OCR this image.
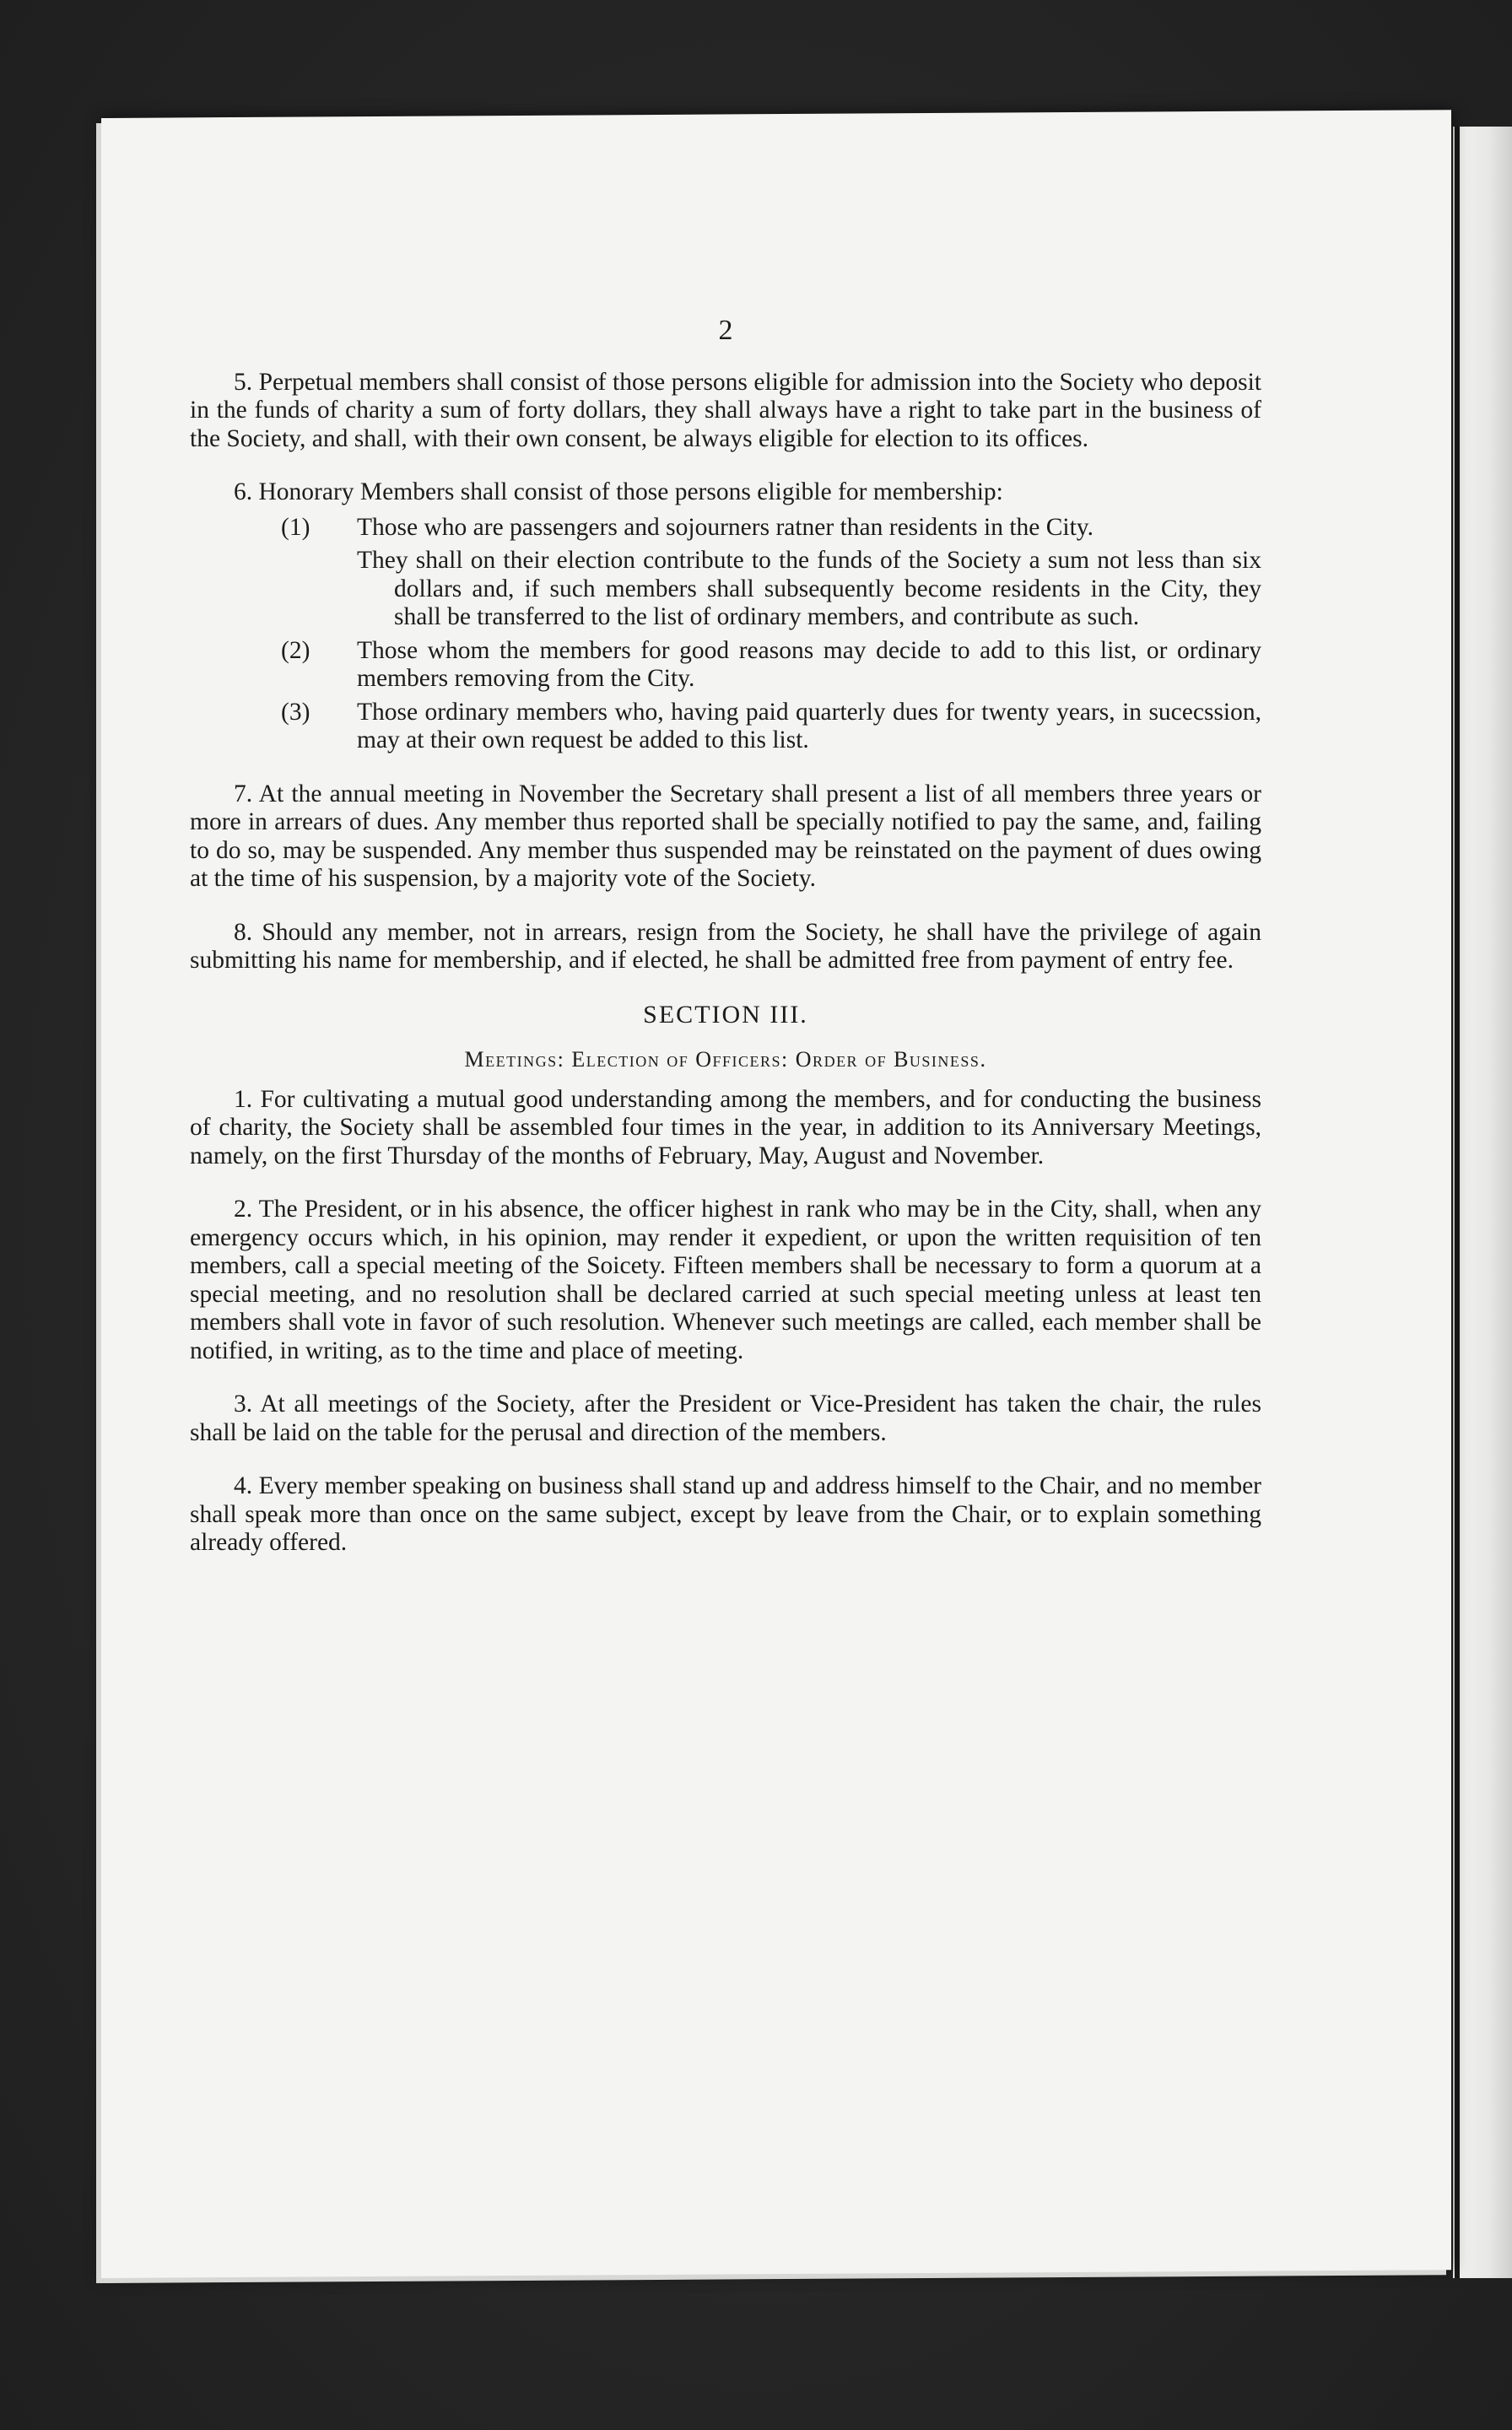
2

5. Perpetual members shall consist of those persons eligible for admission into the Society who deposit in the funds of charity a sum of forty dollars, they shall always have a right to take part in the business of the Society, and shall, with their own consent, be always eligible for election to its offices.

6. Honorary Members shall consist of those persons eligible for membership:

(1)	Those who are passengers and sojourners ratner than residents in the City.

They shall on their election contribute to the funds of the Society a sum not less than six dollars and, if such members shall subsequently become residents in the City, they shall be transferred to the list of ordinary members, and contribute as such.
(2)	Those whom the members for good reasons may decide to add to this list, or ordinary members removing from the City.

(3)	Those ordinary members who, having paid quarterly dues for twenty years, in sucecssion, may at their own request be added to this list.

7. At the annual meeting in November the Secretary shall present a list of all members three years or more in arrears of dues. Any member thus reported shall be specially notified to pay the same, and, failing to do so, may be suspended. Any member thus suspended may be reinstated on the payment of dues owing at the time of his suspension, by a majority vote of the Society.

8. Should any member, not in arrears, resign from the Society, he shall have the privilege of again submitting his name for membership, and if elected, he shall be admitted free from payment of entry fee.

SECTION III.
Meetings: Election of Officers: Order of Business.

1. For cultivating a mutual good understanding among the members, and for conducting the business of charity, the Society shall be assembled four times in the year, in addition to its Anniversary Meetings, namely, on the first Thursday of the months of February, May, August and November.

2. The President, or in his absence, the officer highest in rank who may be in the City, shall, when any emergency occurs which, in his opinion, may render it expedient, or upon the written requisition of ten members, call a special meeting of the Soicety. Fifteen members shall be necessary to form a quorum at a special meeting, and no resolution shall be declared carried at such special meeting unless at least ten members shall vote in favor of such resolution. Whenever such meetings are called, each member shall be notified, in writing, as to the time and place of meeting.

3. At all meetings of the Society, after the President or Vice-President has taken the chair, the rules shall be laid on the table for the perusal and direction of the members.

4. Every member speaking on business shall stand up and address himself to the Chair, and no member shall speak more than once on the same subject, except by leave from the Chair, or to explain something already offered.
